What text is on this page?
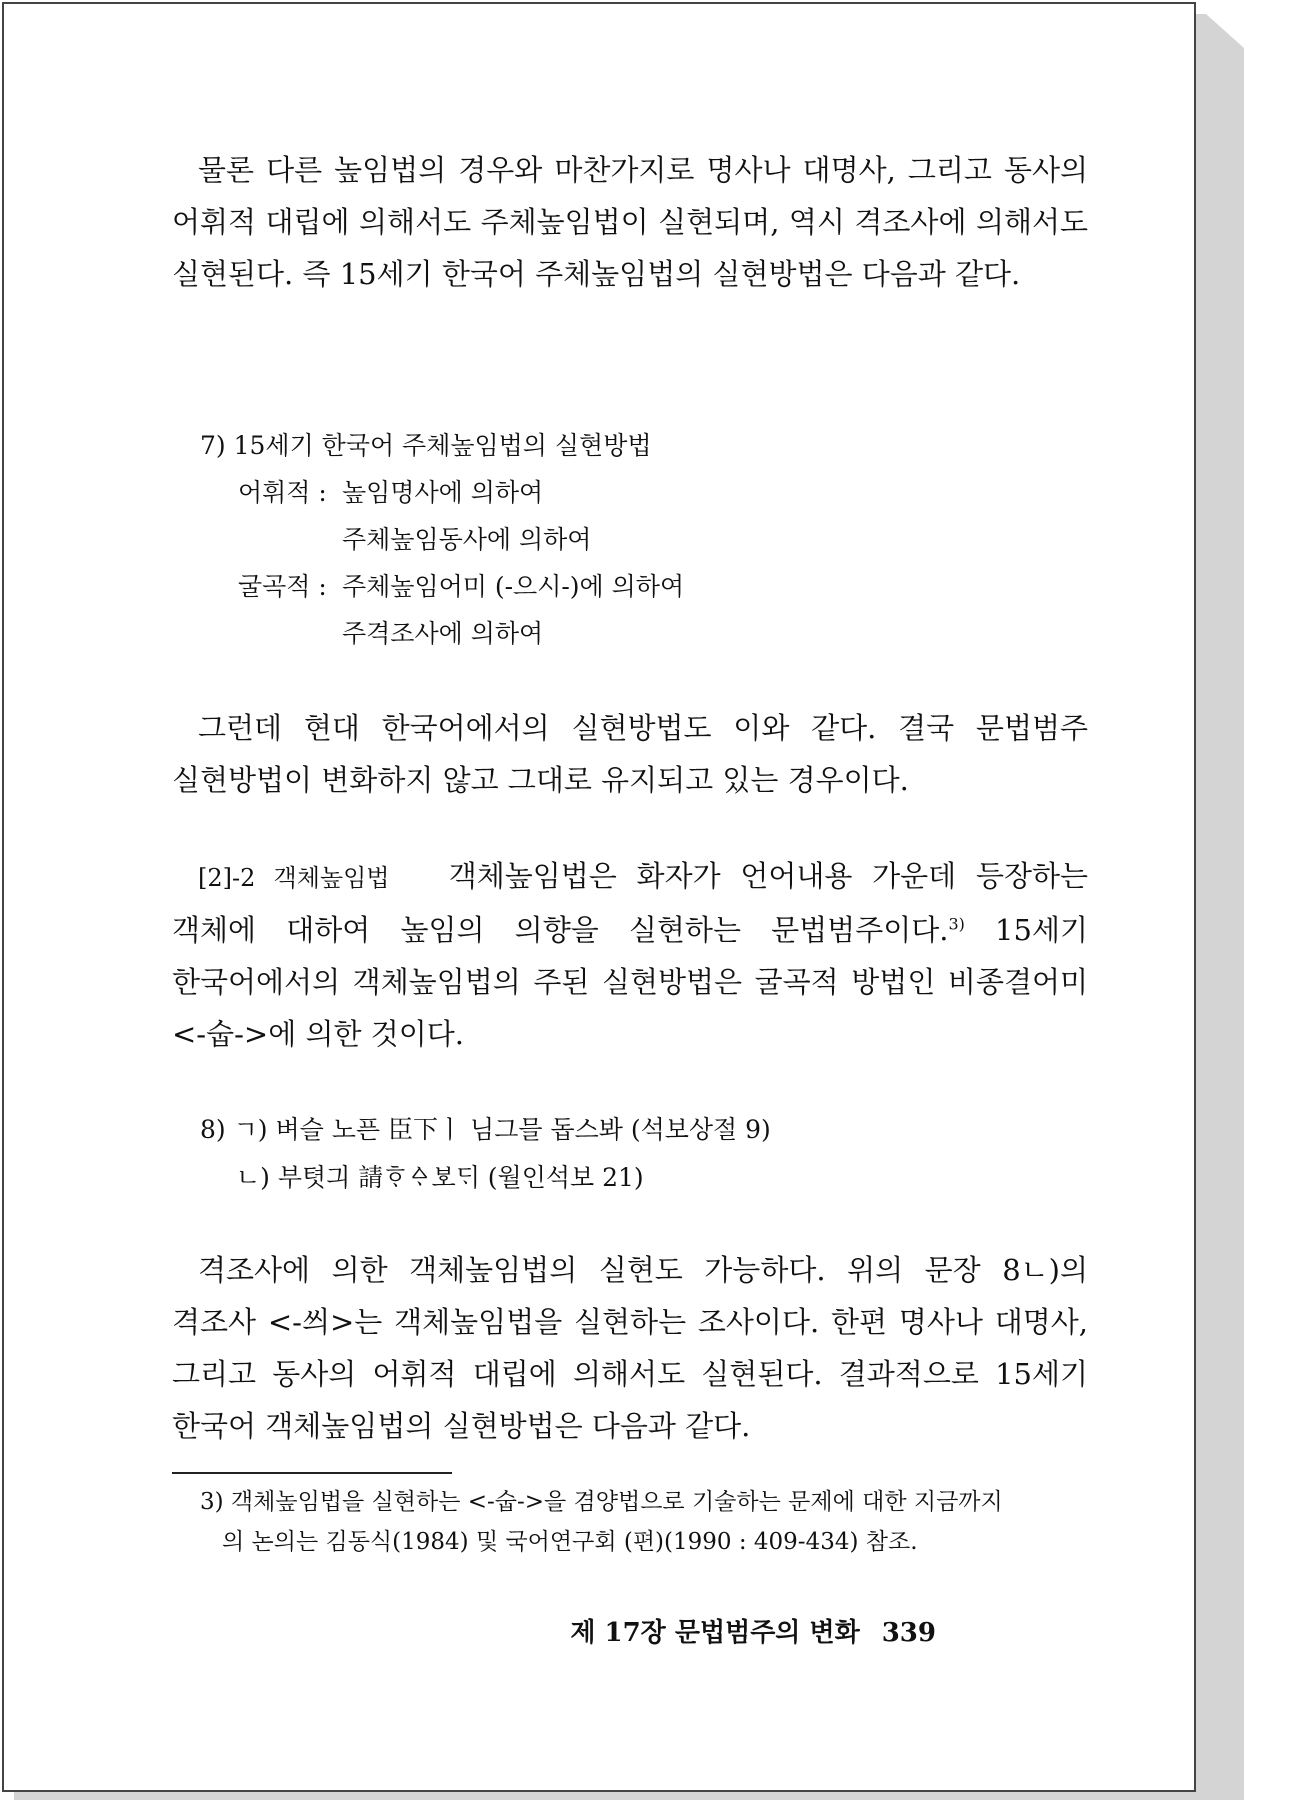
물론 다른 높임법의 경우와 마찬가지로 명사나 대명사, 그리고 동사의 어휘적 대립에 의해서도 주체높임법이 실현되며, 역시 격조사에 의해서도 실현된다. 즉 15세기 한국어 주체높임법의 실현방법은 다음과 같다.

7) 15세기 한국어 주체높임법의 실현방법
어휘적 : 높임명사에 의하여
주체높임동사에 의하여
굴곡적 : 주체높임어미 (-으시-)에 의하여
주격조사에 의하여

그런데 현대 한국어에서의 실현방법도 이와 같다. 결국 문법범주 실현방법이 변화하지 않고 그대로 유지되고 있는 경우이다.

[2]-2 객체높임법 객체높임법은 화자가 언어내용 가운데 등장하는 객체에 대하여 높임의 의향을 실현하는 문법범주이다.$^{3)}$ 15세기 한국어에서의 객체높임법의 주된 실현방법은 굴곡적 방법인 비종결어미 <-숩->에 의한 것이다.

8) ㄱ) 벼슬 노픈 臣下ㅣ 님그믈 돕스봐 (석보상절 9)
ㄴ) 부텻긔 請ᄒᆞᅀᆞᄫᅩᄃᆡ (월인석보 21)

격조사에 의한 객체높임법의 실현도 가능하다. 위의 문장 8ㄴ)의 격조사 <-씌>는 객체높임법을 실현하는 조사이다. 한편 명사나 대명사, 그리고 동사의 어휘적 대립에 의해서도 실현된다. 결과적으로 15세기 한국어 객체높임법의 실현방법은 다음과 같다.

3) 객체높임법을 실현하는 <-숩->을 겸양법으로 기술하는 문제에 대한 지금까지
의 논의는 김동식(1984) 및 국어연구회 (편)(1990 : 409-434) 참조.
제 17장 문법범주의 변화 339
